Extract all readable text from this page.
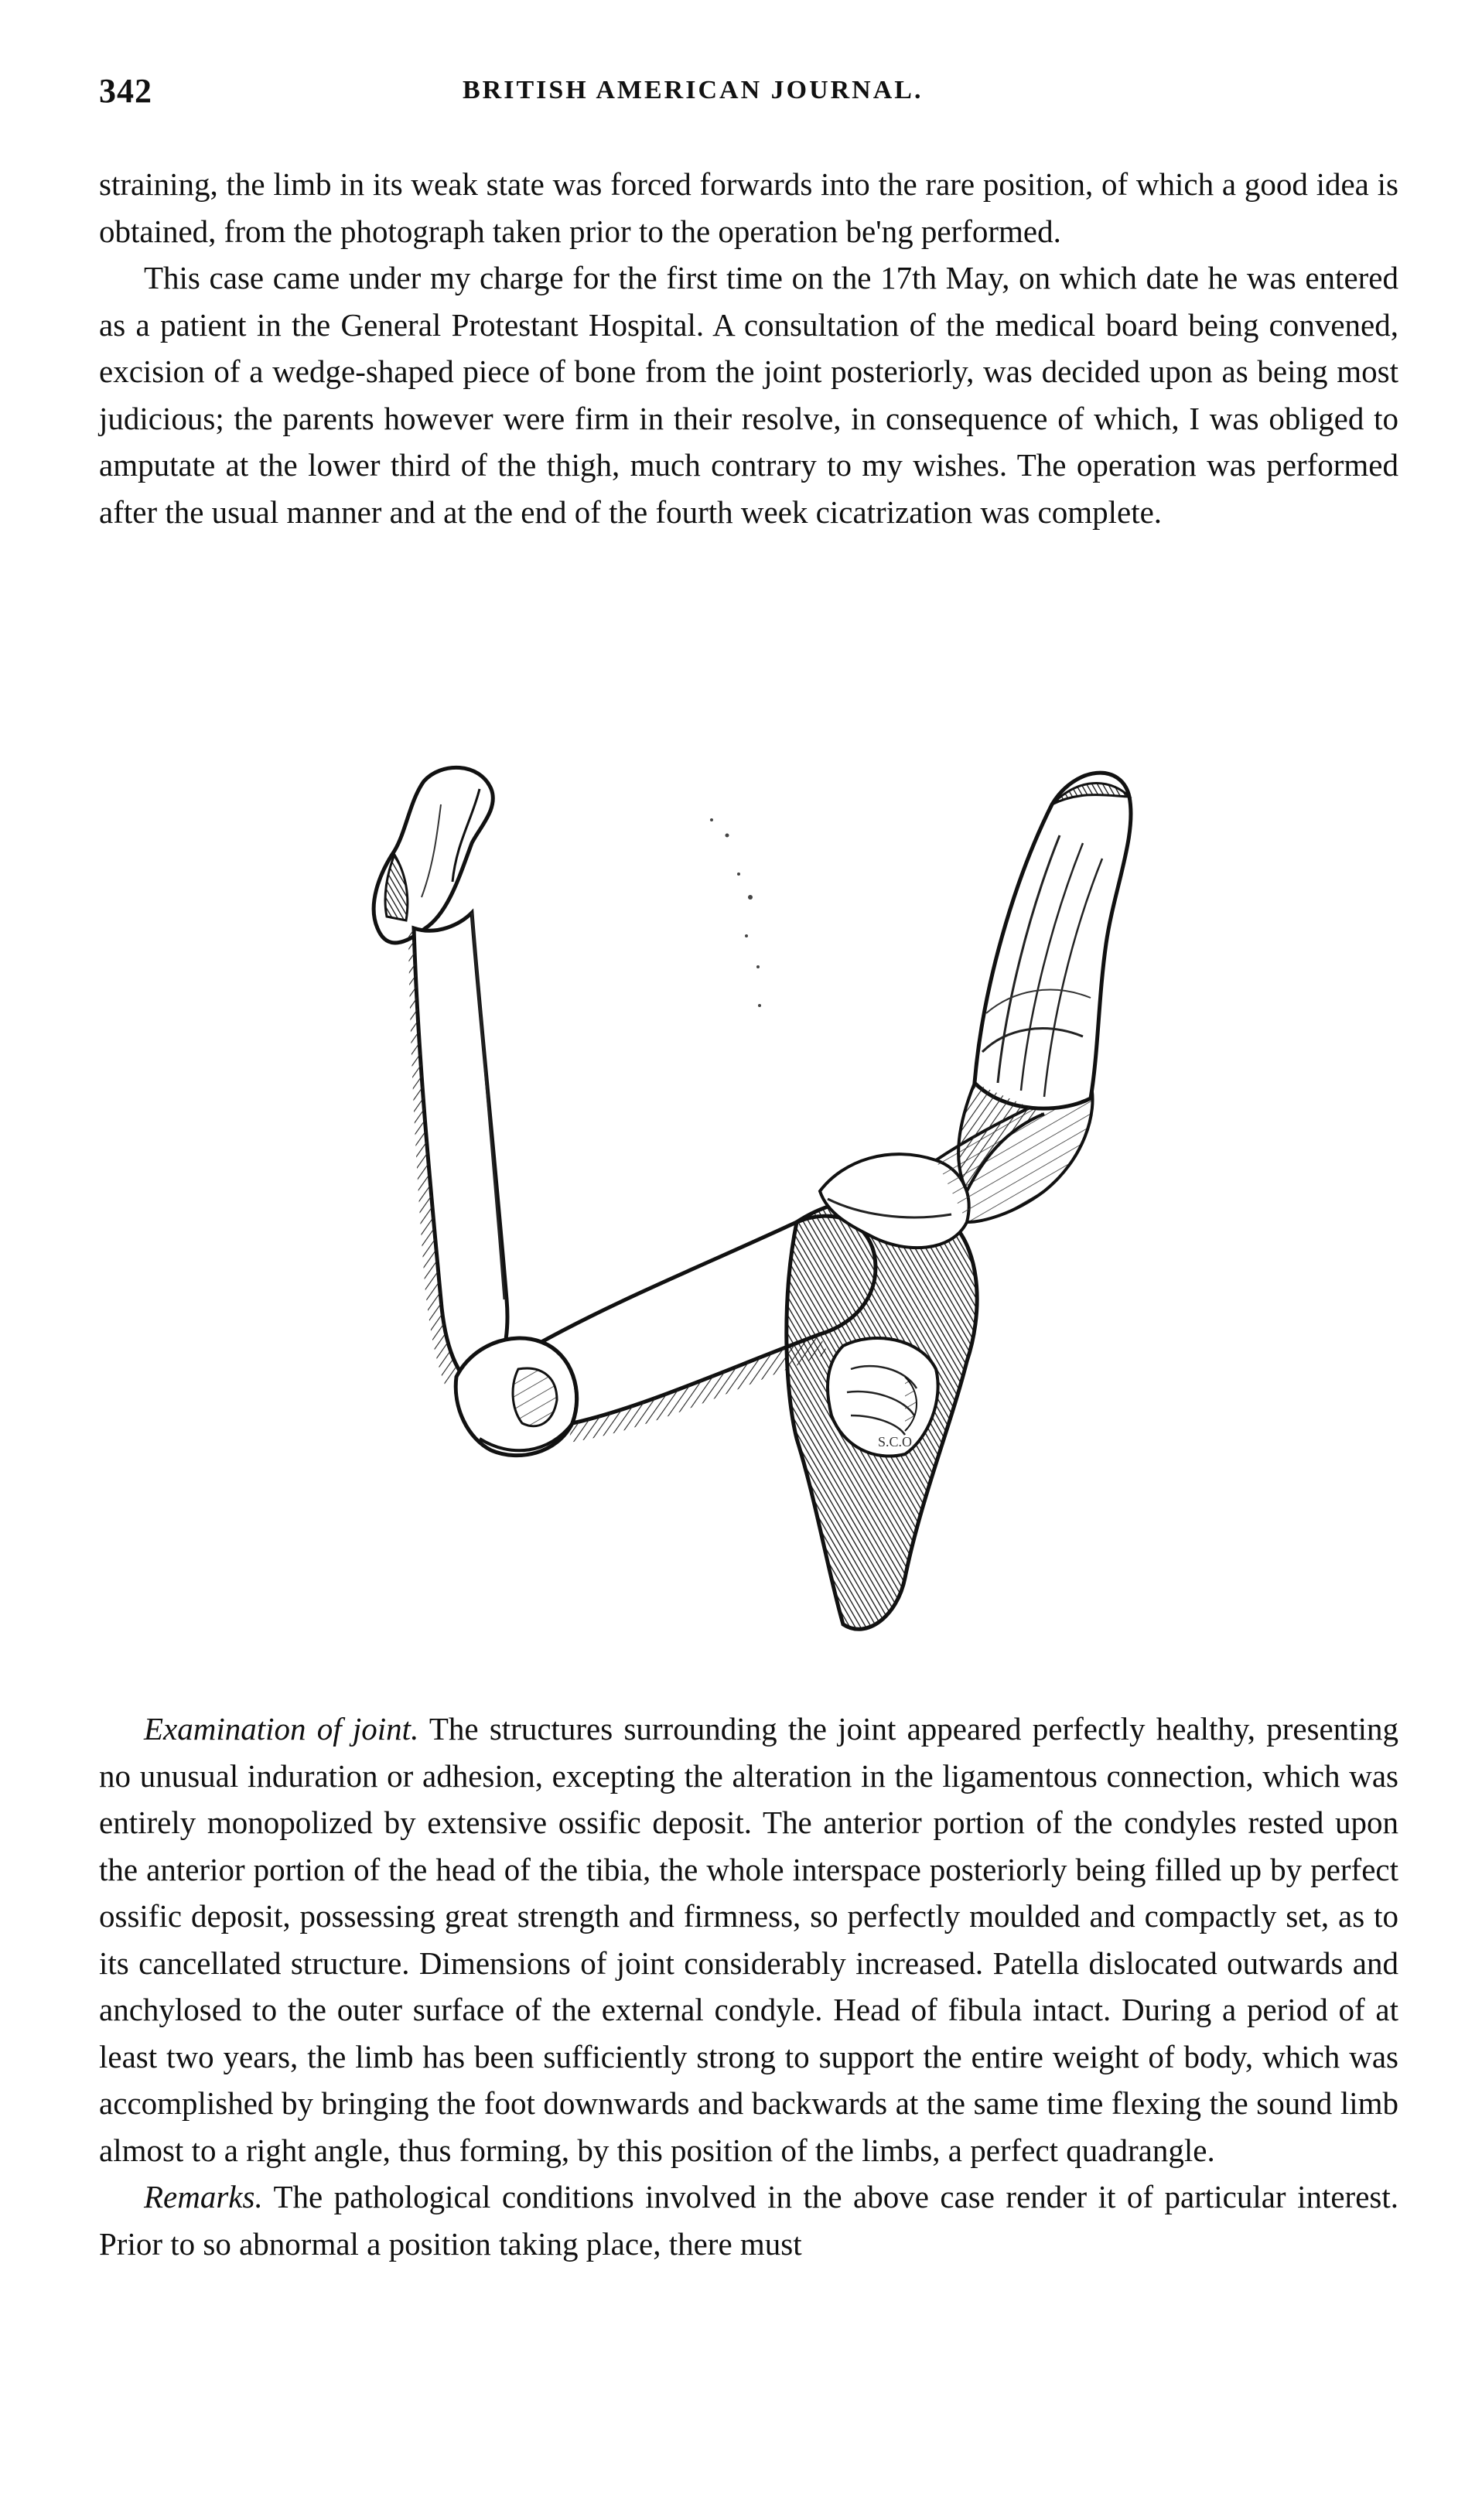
342	BRITISH AMERICAN JOURNAL.

straining, the limb in its weak state was forced forwards into the rare position, of which a good idea is obtained, from the photograph taken prior to the operation be'ng performed.

This case came under my charge for the first time on the 17th May, on which date he was entered as a patient in the General Protestant Hospital. A consultation of the medical board being convened, excision of a wedge-shaped piece of bone from the joint posteriorly, was decided upon as being most judicious; the parents however were firm in their resolve, in consequence of which, I was obliged to amputate at the lower third of the thigh, much contrary to my wishes. The operation was performed after the usual manner and at the end of the fourth week cicatrization was complete.

S.C.O.

Examination of joint. The structures surrounding the joint appeared perfectly healthy, presenting no unusual induration or adhesion, excepting the alteration in the ligamentous connection, which was entirely monopolized by extensive ossific deposit. The anterior portion of the condyles rested upon the anterior portion of the head of the tibia, the whole interspace posteriorly being filled up by perfect ossific deposit, possessing great strength and firmness, so perfectly moulded and compactly set, as to its cancellated structure. Dimensions of joint considerably increased. Patella dislocated outwards and anchylosed to the outer surface of the external condyle. Head of fibula intact. During a period of at least two years, the limb has been sufficiently strong to support the entire weight of body, which was accomplished by bringing the foot downwards and backwards at the same time flexing the sound limb almost to a right angle, thus forming, by this position of the limbs, a perfect quadrangle.

Remarks. The pathological conditions involved in the above case render it of particular interest. Prior to so abnormal a position taking place, there must
